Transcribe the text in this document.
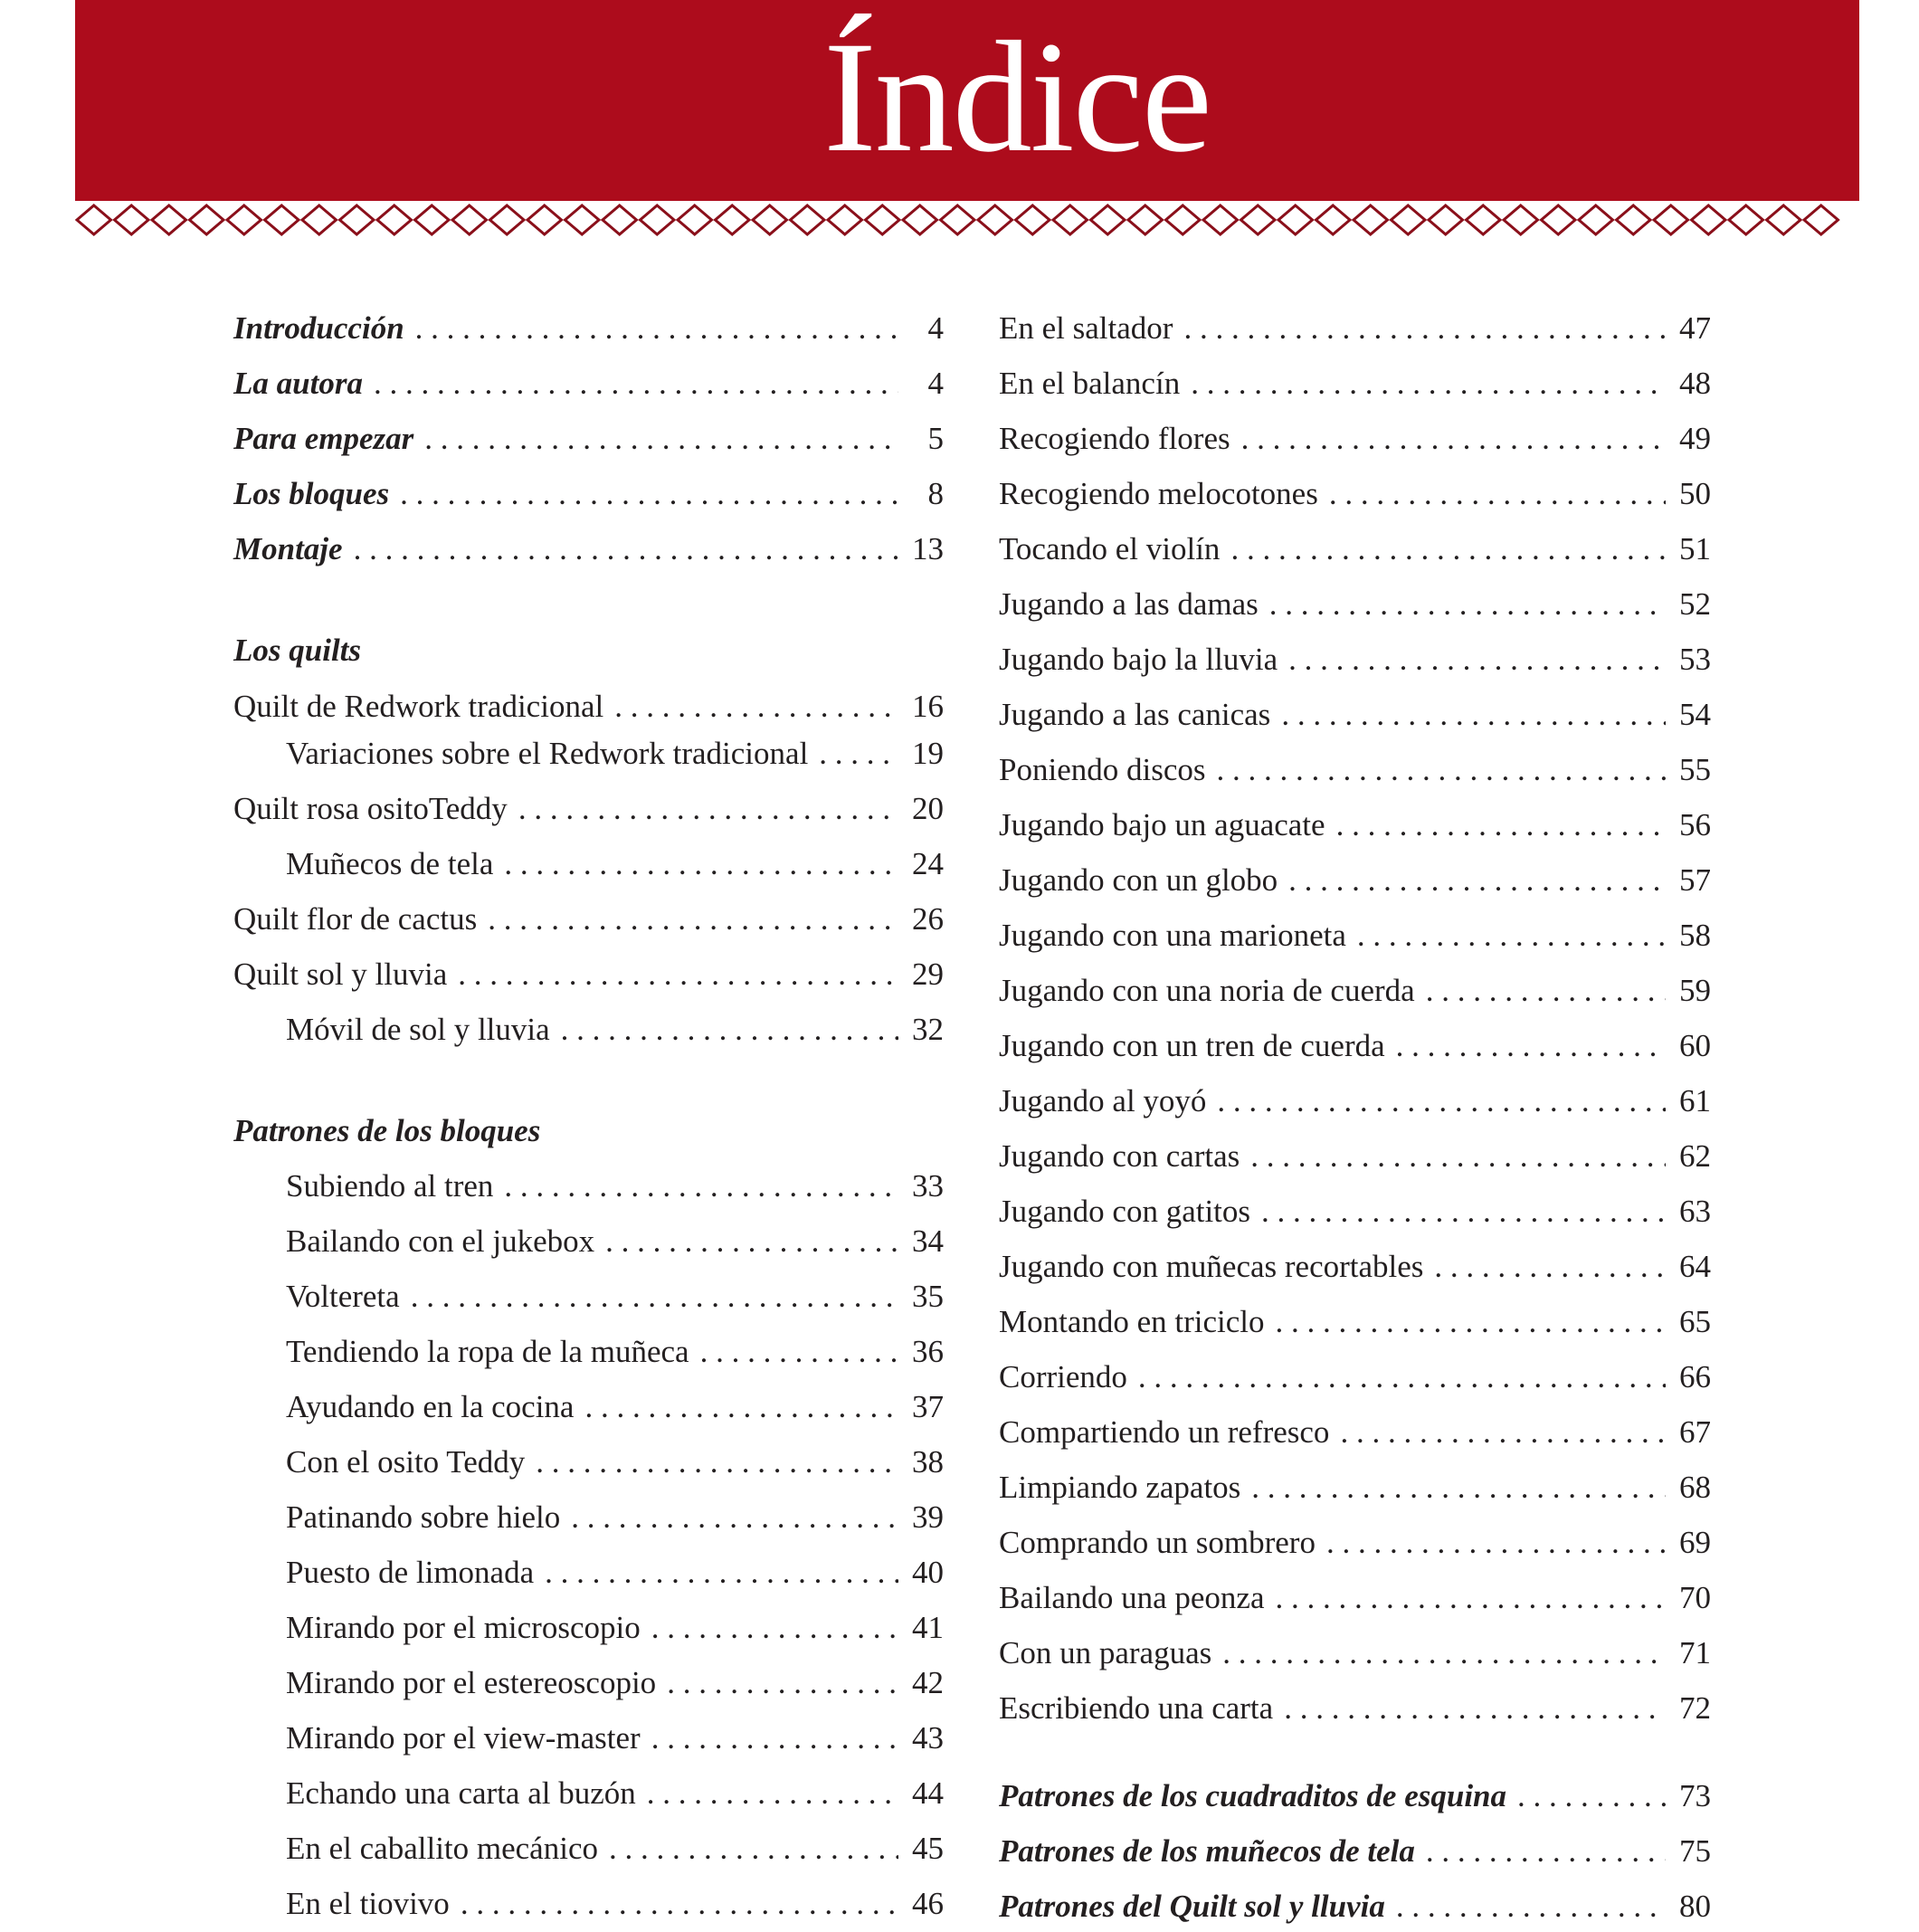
Índice
Introducción . . .	4
La autora . . .	4
Para empezar . . .	5
Los bloques . . .	8
Montaje . . .	13
Los quilts
Quilt de Redwork tradicional . . .	16
Variaciones sobre el Redwork tradicional . . .	19
Quilt rosa ositoTeddy . . .	20
Muñecos de tela . . .	24
Quilt flor de cactus . . .	26
Quilt sol y lluvia . . .	29
Móvil de sol y lluvia . . .	32
Patrones de los bloques
Subiendo al tren . . .	33
Bailando con el jukebox . . .	34
Voltereta . . .	35
Tendiendo la ropa de la muñeca . . .	36
Ayudando en la cocina . . .	37
Con el osito Teddy . . .	38
Patinando sobre hielo . . .	39
Puesto de limonada . . .	40
Mirando por el microscopio . . .	41
Mirando por el estereoscopio . . .	42
Mirando por el view-master . . .	43
Echando una carta al buzón . . .	44
En el caballito mecánico . . .	45
En el tiovivo . . .	46
En el saltador . . .	47
En el balancín . . .	48
Recogiendo flores . . .	49
Recogiendo melocotones . . .	50
Tocando el violín . . .	51
Jugando a las damas . . .	52
Jugando bajo la lluvia . . .	53
Jugando a las canicas . . .	54
Poniendo discos . . .	55
Jugando bajo un aguacate . . .	56
Jugando con un globo . . .	57
Jugando con una marioneta . . .	58
Jugando con una noria de cuerda . . .	59
Jugando con un tren de cuerda . . .	60
Jugando al yoyó . . .	61
Jugando con cartas . . .	62
Jugando con gatitos . . .	63
Jugando con muñecas recortables . . .	64
Montando en triciclo . . .	65
Corriendo . . .	66
Compartiendo un refresco . . .	67
Limpiando zapatos . . .	68
Comprando un sombrero . . .	69
Bailando una peonza . . .	70
Con un paraguas . . .	71
Escribiendo una carta . . .	72
Patrones de los cuadraditos de esquina . . .	73
Patrones de los muñecos de tela . . .	75
Patrones del Quilt sol y lluvia . . .	80
